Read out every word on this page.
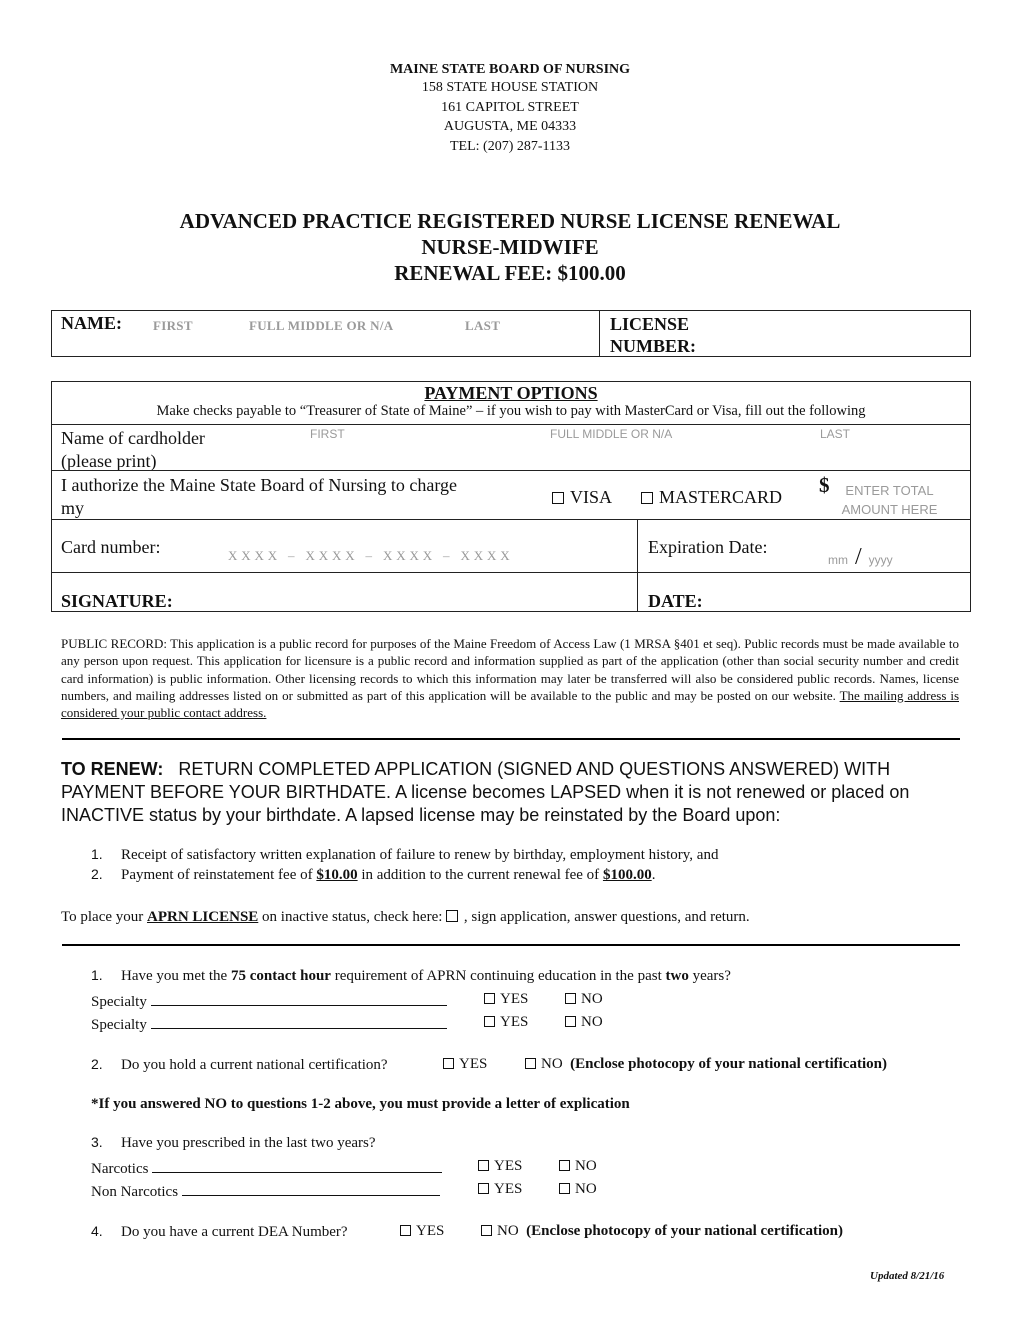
MAINE STATE BOARD OF NURSING
158 STATE HOUSE STATION
161 CAPITOL STREET
AUGUSTA, ME 04333
TEL: (207) 287-1133
ADVANCED PRACTICE REGISTERED NURSE LICENSE RENEWAL
NURSE-MIDWIFE
RENEWAL FEE: $100.00
NAME: FIRST	FULL MIDDLE OR N/A	LAST	LICENSE
NUMBER:
PAYMENT OPTIONS
Make checks payable to “Treasurer of State of Maine” – if you wish to pay with MasterCard or Visa, fill out the following
Name of cardholder
(please print)
FIRST	FULL MIDDLE OR N/A	LAST
I authorize the Maine State Board of Nursing to charge
my
VISA	MASTERCARD $	ENTER TOTAL
AMOUNT HERE
Card number:	X X X X   –   X X X X   –   X X X X   –   X X X X	Expiration Date:
mm / yyyy
SIGNATURE:	DATE:
PUBLIC RECORD: This application is a public record for purposes of the Maine Freedom of Access Law (1 MRSA §401 et seq). Public records must be made available to any person upon request. This application for licensure is a public record and information supplied as part of the application (other than social security number and credit card information) is public information. Other licensing records to which this information may later be transferred will also be considered public records. Names, license numbers, and mailing addresses listed on or submitted as part of this application will be available to the public and may be posted on our website. The mailing address is considered your public contact address.
TO RENEW: RETURN COMPLETED APPLICATION (SIGNED AND QUESTIONS ANSWERED) WITH PAYMENT BEFORE YOUR BIRTHDATE. A license becomes LAPSED when it is not renewed or placed on INACTIVE status by your birthdate. A lapsed license may be reinstated by the Board upon:
1. Receipt of satisfactory written explanation of failure to renew by birthday, employment history, and
2. Payment of reinstatement fee of $10.00 in addition to the current renewal fee of $100.00.
To place your APRN LICENSE on inactive status, check here:  , sign application, answer questions, and return.
1. Have you met the 75 contact hour requirement of APRN continuing education in the past two years?
Specialty	YES	NO
Specialty	YES	NO
2. Do you hold a current national certification?	YES	NO (Enclose photocopy of your national certification)
*If you answered NO to questions 1-2 above, you must provide a letter of explication
3. Have you prescribed in the last two years?
Narcotics	YES	NO
Non Narcotics	YES	NO
4. Do you have a current DEA Number?	YES	NO (Enclose photocopy of your national certification)
Updated 8/21/16
